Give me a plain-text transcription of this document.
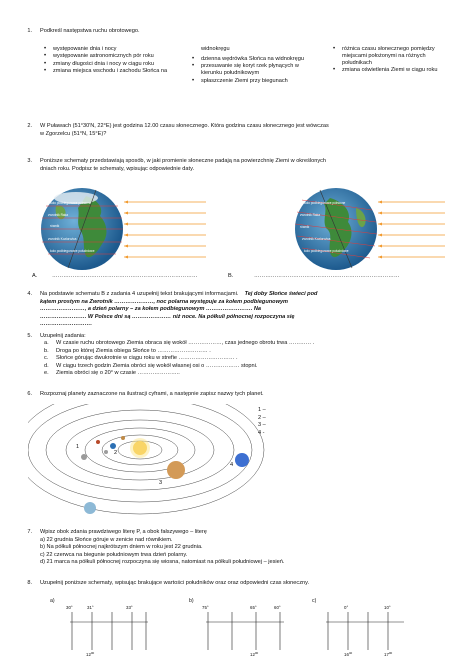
1. Podkreśl następstwa ruchu obrotowego.
• występowanie dnia i nocy
• występowanie astronomicznych pór roku
• zmiany długości dnia i nocy w ciągu roku
• zmiana miejsca wschodu i zachodu Słońca na
widnokręgu
• dzienna wędrówka Słońca na widnokręgu
• przesuwanie się koryt rzek płynących w kierunku południkowym
• spłaszczenie Ziemi przy biegunach
• różnica czasu słonecznego pomiędzy miejscami położonymi na różnych południkach
• zmiana oświetlenia Ziemi w ciągu roku
2. W Puławach (51°30'N, 22°E) jest godzina 12.00 czasu słonecznego. Która godzina czasu słonecznego jest wówczas
w Zgorzelcu (51°N, 15°E)?
3. Poniższe schematy przedstawiają sposób, w jaki promienie słoneczne padają na powierzchnię Ziemi w określonych
dniach roku. Podpisz te schematy, wpisując odpowiednie daty.
koło podbiegunowe północne
zwrotnik Raka
równik
zwrotnik Koziorożca
koło podbiegunowe południowe
koło podbiegunowe północne
zwrotnik Raka
równik
zwrotnik Koziorożca
koło podbiegunowe południowe
A.	……………………………………………………………………	B.	……………………………………………………………………
4. Na podstawie schematu B z zadania 4 uzupełnij tekst brakującymi informacjami. Tej doby Słońce świeci pod
kątem prostym na Zwrotnik …………………, noc polarna występuje za kołem podbiegunowym
……………………, a dzień polarny – za kołem podbiegunowym ……………………. Na
……………………. W Polsce dni są ………………… niż noce. Na półkuli północnej rozpoczyna się
……………………….
5. Uzupełnij zadania:
a. W czasie ruchu obrotowego Ziemia obraca się wokół ………………, czas jednego obrotu trwa ………… .
b. Droga po której Ziemia obiega Słońce to ……………………… .
c. Słońce górując dwukrotnie w ciągu roku w strefie ………………………… .
d. W ciągu trzech godzin Ziemia obróci się wokół własnej osi o ……………… stopni.
e. Ziemia obróci się o 20° w czasie …………………..
6. Rozpoznaj planety zaznaczone na ilustracji cyframi, a następnie zapisz nazwy tych planet.
1
2
3
4
1 –
2 –
3 –
4 -
7. Wpisz obok zdania prawdziwego literę P, a obok fałszywego – literę
a) 22 grudnia Słońce góruje w zenicie nad równikiem.
b) Na półkuli północnej najkrótszym dniem w roku jest 22 grudnia.
c) 22 czerwca na biegunie południowym trwa dzień polarny.
d) 21 marca na półkuli północnej rozpoczyna się wiosna, natomiast na półkuli południowej – jesień.
8. Uzupełnij poniższe schematy, wpisując brakujące wartości południków oraz oraz odpowiedni czas słoneczny.
a)	b)	c)
30°	31°	33°
$12^{00}$
75°	65°	60°
$12^{00}$
0°	10°
$16^{40}$	$17^{00}$
